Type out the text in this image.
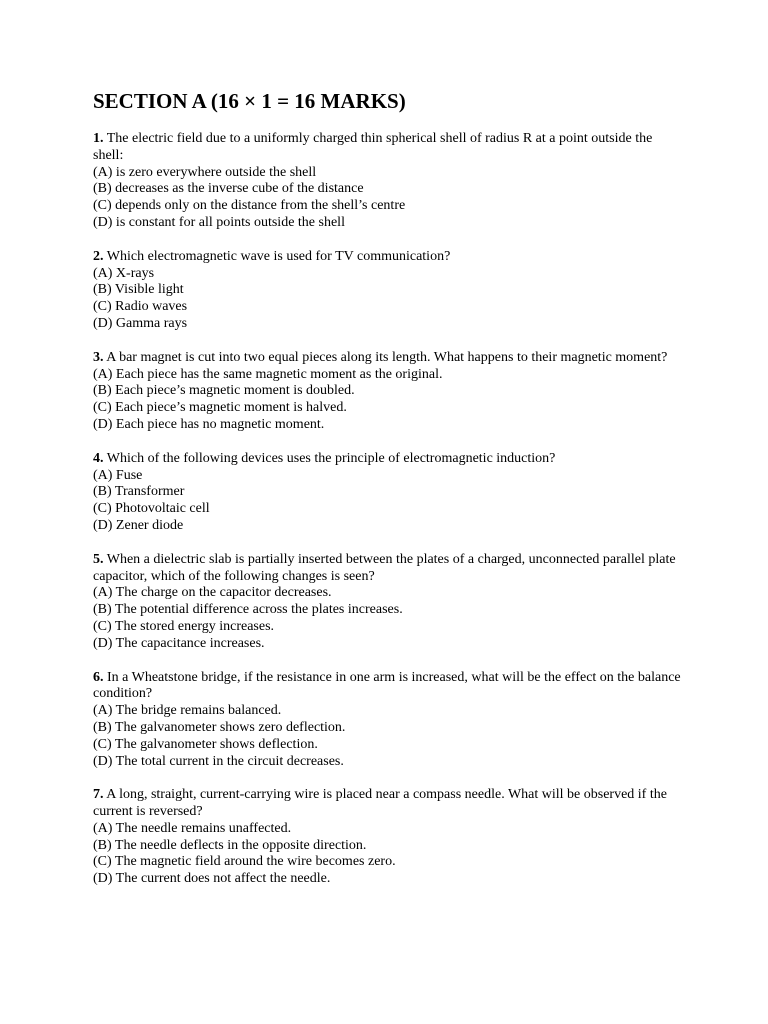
SECTION A (16 × 1 = 16 MARKS)
1. The electric field due to a uniformly charged thin spherical shell of radius R at a point outside the shell:
(A) is zero everywhere outside the shell
(B) decreases as the inverse cube of the distance
(C) depends only on the distance from the shell’s centre
(D) is constant for all points outside the shell
2. Which electromagnetic wave is used for TV communication?
(A) X-rays
(B) Visible light
(C) Radio waves
(D) Gamma rays
3. A bar magnet is cut into two equal pieces along its length. What happens to their magnetic moment?
(A) Each piece has the same magnetic moment as the original.
(B) Each piece’s magnetic moment is doubled.
(C) Each piece’s magnetic moment is halved.
(D) Each piece has no magnetic moment.
4. Which of the following devices uses the principle of electromagnetic induction?
(A) Fuse
(B) Transformer
(C) Photovoltaic cell
(D) Zener diode
5. When a dielectric slab is partially inserted between the plates of a charged, unconnected parallel plate capacitor, which of the following changes is seen?
(A) The charge on the capacitor decreases.
(B) The potential difference across the plates increases.
(C) The stored energy increases.
(D) The capacitance increases.
6. In a Wheatstone bridge, if the resistance in one arm is increased, what will be the effect on the balance condition?
(A) The bridge remains balanced.
(B) The galvanometer shows zero deflection.
(C) The galvanometer shows deflection.
(D) The total current in the circuit decreases.
7. A long, straight, current-carrying wire is placed near a compass needle. What will be observed if the current is reversed?
(A) The needle remains unaffected.
(B) The needle deflects in the opposite direction.
(C) The magnetic field around the wire becomes zero.
(D) The current does not affect the needle.
